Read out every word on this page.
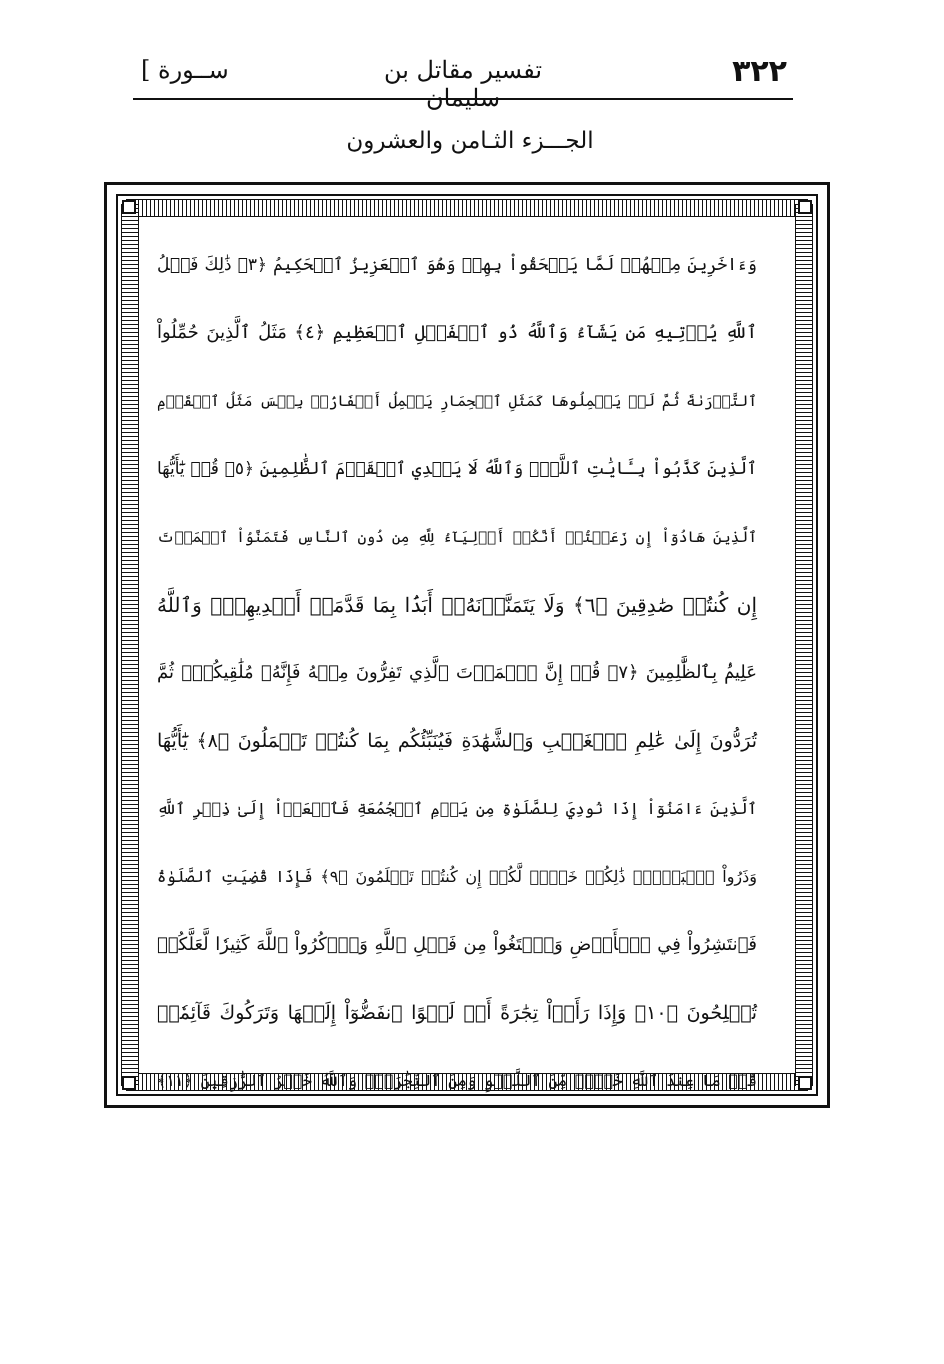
٣٢٢
تفسير مقاتل بن سليمان
[ ســورة
الجـــزء الثـامن والعشرون
وَءَاخَرِينَ مِنۡهُمۡ لَمَّا يَلۡحَقُواْ بِهِمۡ وَهُوَ ٱلۡعَزِيزُ ٱلۡحَكِيمُ ﴿٣﴾ ذَٰلِكَ فَضۡلُ
ٱللَّهِ يُؤۡتِيهِ مَن يَشَآءُ وَٱللَّهُ ذُو ٱلۡفَضۡلِ ٱلۡعَظِيمِ ﴿٤﴾ مَثَلُ ٱلَّذِينَ حُمِّلُواْ
ٱلتَّوۡرَىٰةَ ثُمَّ لَمۡ يَحۡمِلُوهَا كَمَثَلِ ٱلۡحِمَارِ يَحۡمِلُ أَسۡفَارَۢاۚ بِئۡسَ مَثَلُ ٱلۡقَوۡمِ
ٱلَّذِينَ كَذَّبُواْ بِـَٔايَٰتِ ٱللَّهِۚ وَٱللَّهُ لَا يَهۡدِي ٱلۡقَوۡمَ ٱلظَّٰلِمِينَ ﴿٥﴾ قُلۡ يَٰٓأَيُّهَا
ٱلَّذِينَ هَادُوٓاْ إِن زَعَمۡتُمۡ أَنَّكُمۡ أَوۡلِيَآءُ لِلَّهِ مِن دُونِ ٱلنَّاسِ فَتَمَنَّوُاْ ٱلۡمَوۡتَ
إِن كُنتُمۡ صَٰدِقِينَ ﴿٦﴾ وَلَا يَتَمَنَّوۡنَهُۥٓ أَبَدَۢا بِمَا قَدَّمَتۡ أَيۡدِيهِمۡۚ وَٱللَّهُ
عَلِيمُۢ بِٱلظَّٰلِمِينَ ﴿٧﴾ قُلۡ إِنَّ ٱلۡمَوۡتَ ٱلَّذِي تَفِرُّونَ مِنۡهُ فَإِنَّهُۥ مُلَٰقِيكُمۡۖ ثُمَّ
تُرَدُّونَ إِلَىٰ عَٰلِمِ ٱلۡغَيۡبِ وَٱلشَّهَٰدَةِ فَيُنَبِّئُكُم بِمَا كُنتُمۡ تَعۡمَلُونَ ﴿٨﴾ يَٰٓأَيُّهَا
ٱلَّذِينَ ءَامَنُوٓاْ إِذَا نُودِيَ لِلصَّلَوٰةِ مِن يَوۡمِ ٱلۡجُمُعَةِ فَٱسۡعَوۡاْ إِلَىٰ ذِكۡرِ ٱللَّهِ
وَذَرُواْ ٱلۡبَيۡعَۚ ذَٰلِكُمۡ خَيۡرٞ لَّكُمۡ إِن كُنتُمۡ تَعۡلَمُونَ ﴿٩﴾ فَإِذَا قُضِيَتِ ٱلصَّلَوٰةُ
فَٱنتَشِرُواْ فِي ٱلۡأَرۡضِ وَٱبۡتَغُواْ مِن فَضۡلِ ٱللَّهِ وَٱذۡكُرُواْ ٱللَّهَ كَثِيرٗا لَّعَلَّكُمۡ
تُفۡلِحُونَ ﴿١٠﴾ وَإِذَا رَأَوۡاْ تِجَٰرَةً أَوۡ لَهۡوًا ٱنفَضُّوٓاْ إِلَيۡهَا وَتَرَكُوكَ قَآئِمٗاۚ
قُلۡ مَا عِندَ ٱللَّهِ خَيۡرٞ مِّنَ ٱللَّهۡوِ وَمِنَ ٱلتِّجَٰرَةِۚ وَٱللَّهُ خَيۡرُ ٱلرَّٰزِقِينَ ﴿١١﴾
